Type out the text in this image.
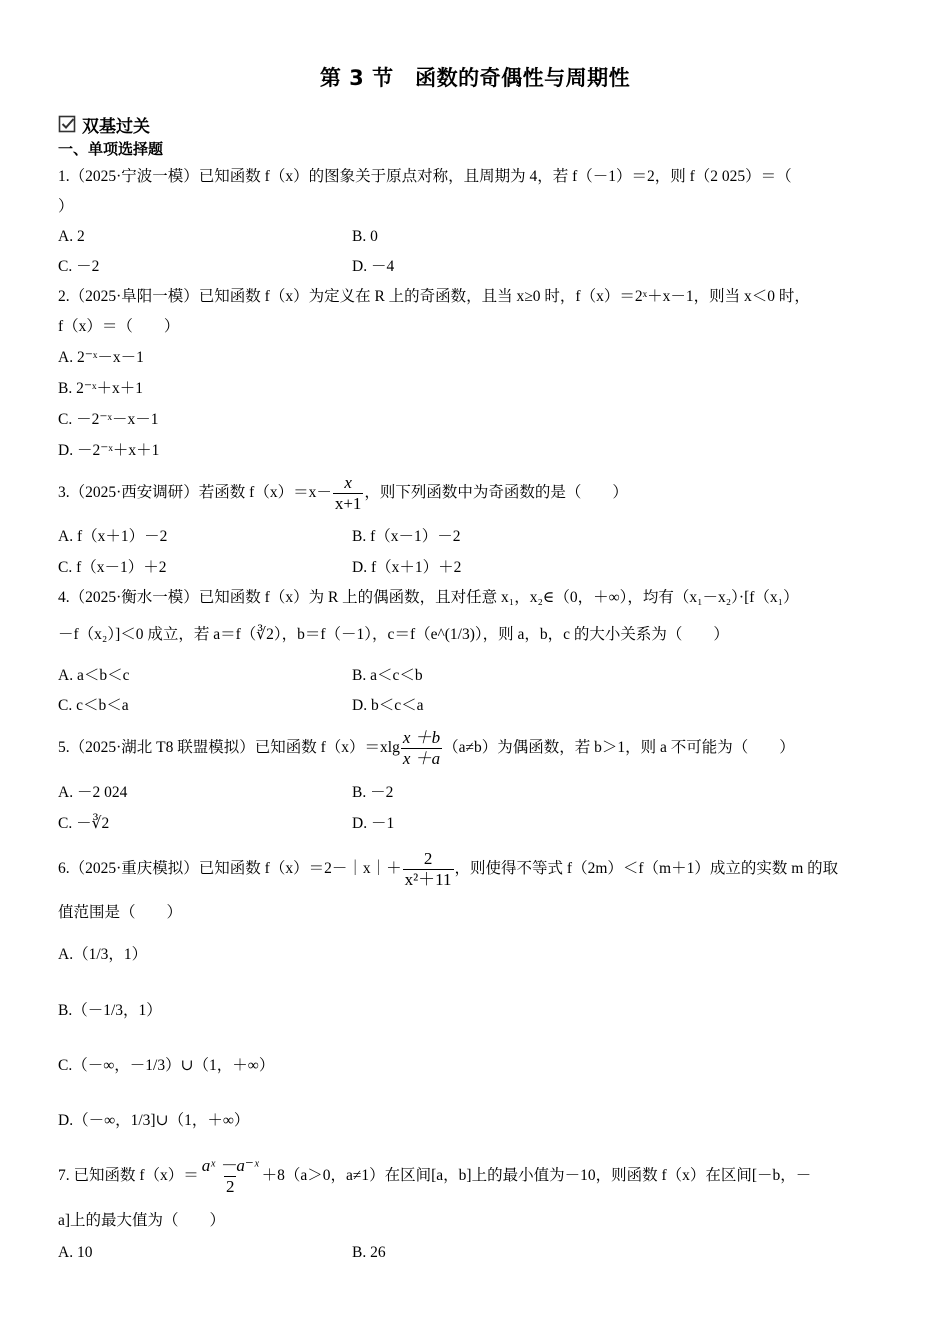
第 3 节　函数的奇偶性与周期性
双基过关
一、单项选择题
1.（2025·宁波一模）已知函数 f（x）的图象关于原点对称，且周期为 4，若 f（－1）＝2，则 f（2 025）＝（
）
A. 2	B. 0
C. －2	D. －4
2.（2025·阜阳一模）已知函数 f（x）为定义在 R 上的奇函数，且当 x≥0 时，f（x）＝2ˣ＋x－1，则当 x＜0 时，
f（x）＝（　　）
A. 2⁻ˣ－x－1
B. 2⁻ˣ＋x＋1
C. －2⁻ˣ－x－1
D. －2⁻ˣ＋x＋1
3.（2025·西安调研）若函数 $f(x)=x- \frac{x}{x+1}$ ，则下列函数中为奇函数的是（　　）
A. f（x＋1）－2	B. f（x－1）－2
C. f（x－1）＋2	D. f（x＋1）＋2
4.（2025·衡水一模）已知函数 f（x）为 R 上的偶函数，且对任意 x₁，x₂∈（0，＋∞），均有（x₁－x₂）·[f（x₁）
－f（x₂）]＜0 成立，若 a＝f（∛2），b＝f（－1），c＝f（e^(1/3)），则 a，b，c 的大小关系为（　　）
A. a＜b＜c	B. a＜c＜b
C. c＜b＜a	D. b＜c＜a
5.（2025·湖北 T8 联盟模拟）已知函数 $f(x)=xlg \frac{x +b}{x +a} (a\ne b)$为偶函数，若 b＞1，则 a 不可能为（　　）
A. －2 024	B. －2
C. －∛2	D. －1
6.（2025·重庆模拟）已知函数 f（x）＝2－｜x｜＋ $\frac{2}{\text{x²＋11}}$ ，则使得不等式 f（2m）＜f（m＋1）成立的实数 m 的取
值范围是（　　）
A.（1/3，1）
B.（－1/3，1）
C.（－∞，－1/3）∪（1，＋∞）
D.（－∞，1/3]∪（1，＋∞）
7. 已知函数 $f(x)= \frac{\text{aˣ －a⁻ˣ}}{2} +8(a>0$，a≠1）在区间[a，b]上的最小值为－10，则函数 f（x）在区间[－b，－
a]上的最大值为（　　）
A. 10	B. 26
